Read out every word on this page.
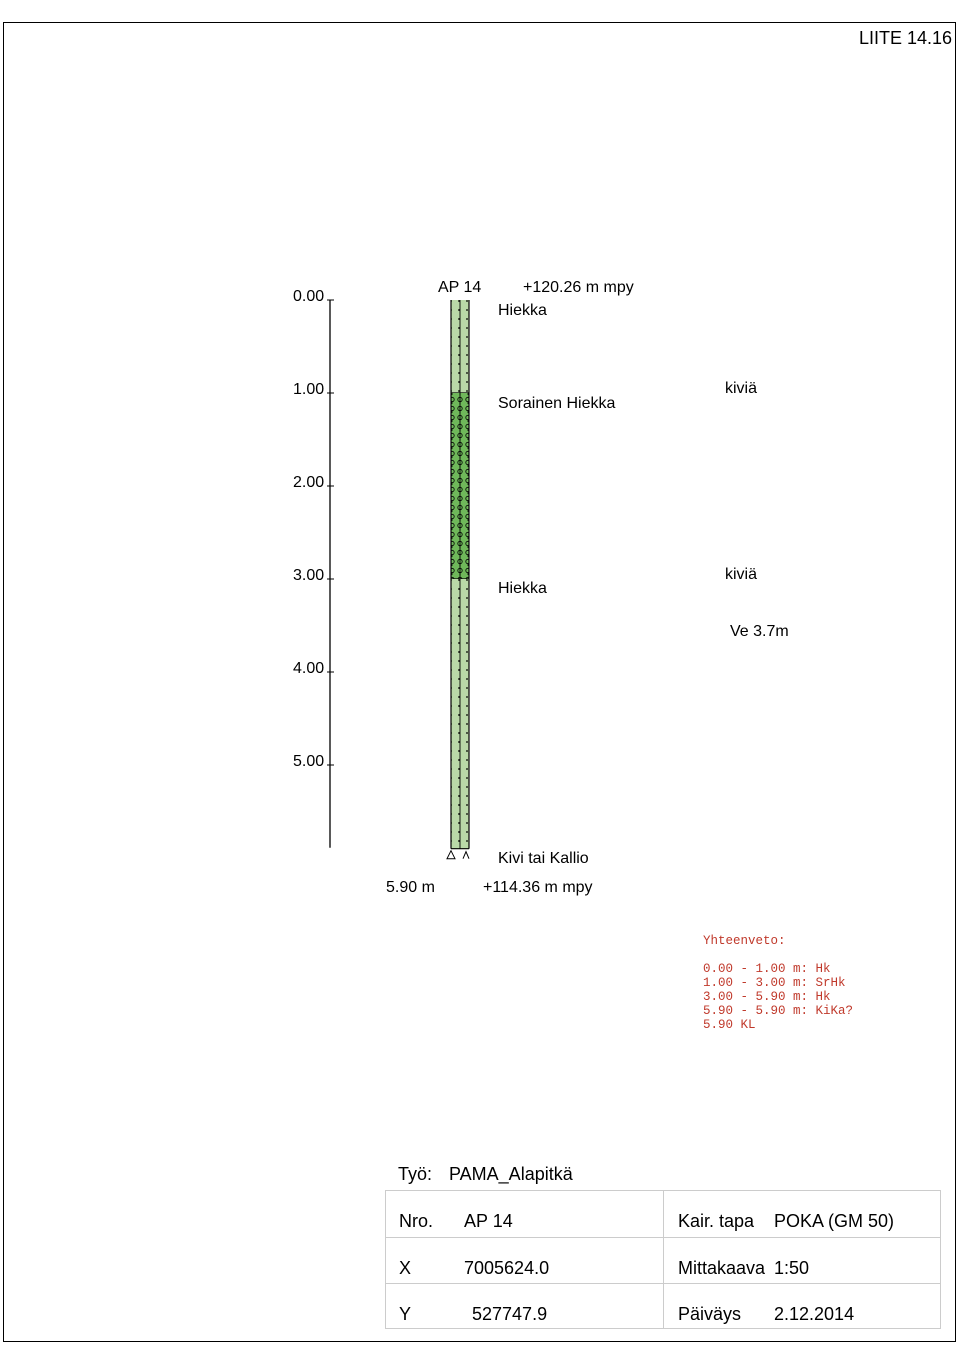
LIITE 14.16
0.00
1.00
2.00
3.00
4.00
5.00
AP 14	+120.26 m mpy
Hiekka
Sorainen Hiekka
kiviä
Hiekka
kiviä
Ve 3.7m
Kivi tai Kallio
5.90 m	+114.36 m mpy
Yhteenveto:
0.00 - 1.00 m: Hk
1.00 - 3.00 m: SrHk
3.00 - 5.90 m: Hk
5.90 - 5.90 m: KiKa?
5.90 KL
Työ: PAMA_Alapitkä
Nro. AP 14	Kair. tapa POKA (GM 50)
X	7005624.0	Mittakaava 1:50
Y	527747.9	Päiväys 2.12.2014
